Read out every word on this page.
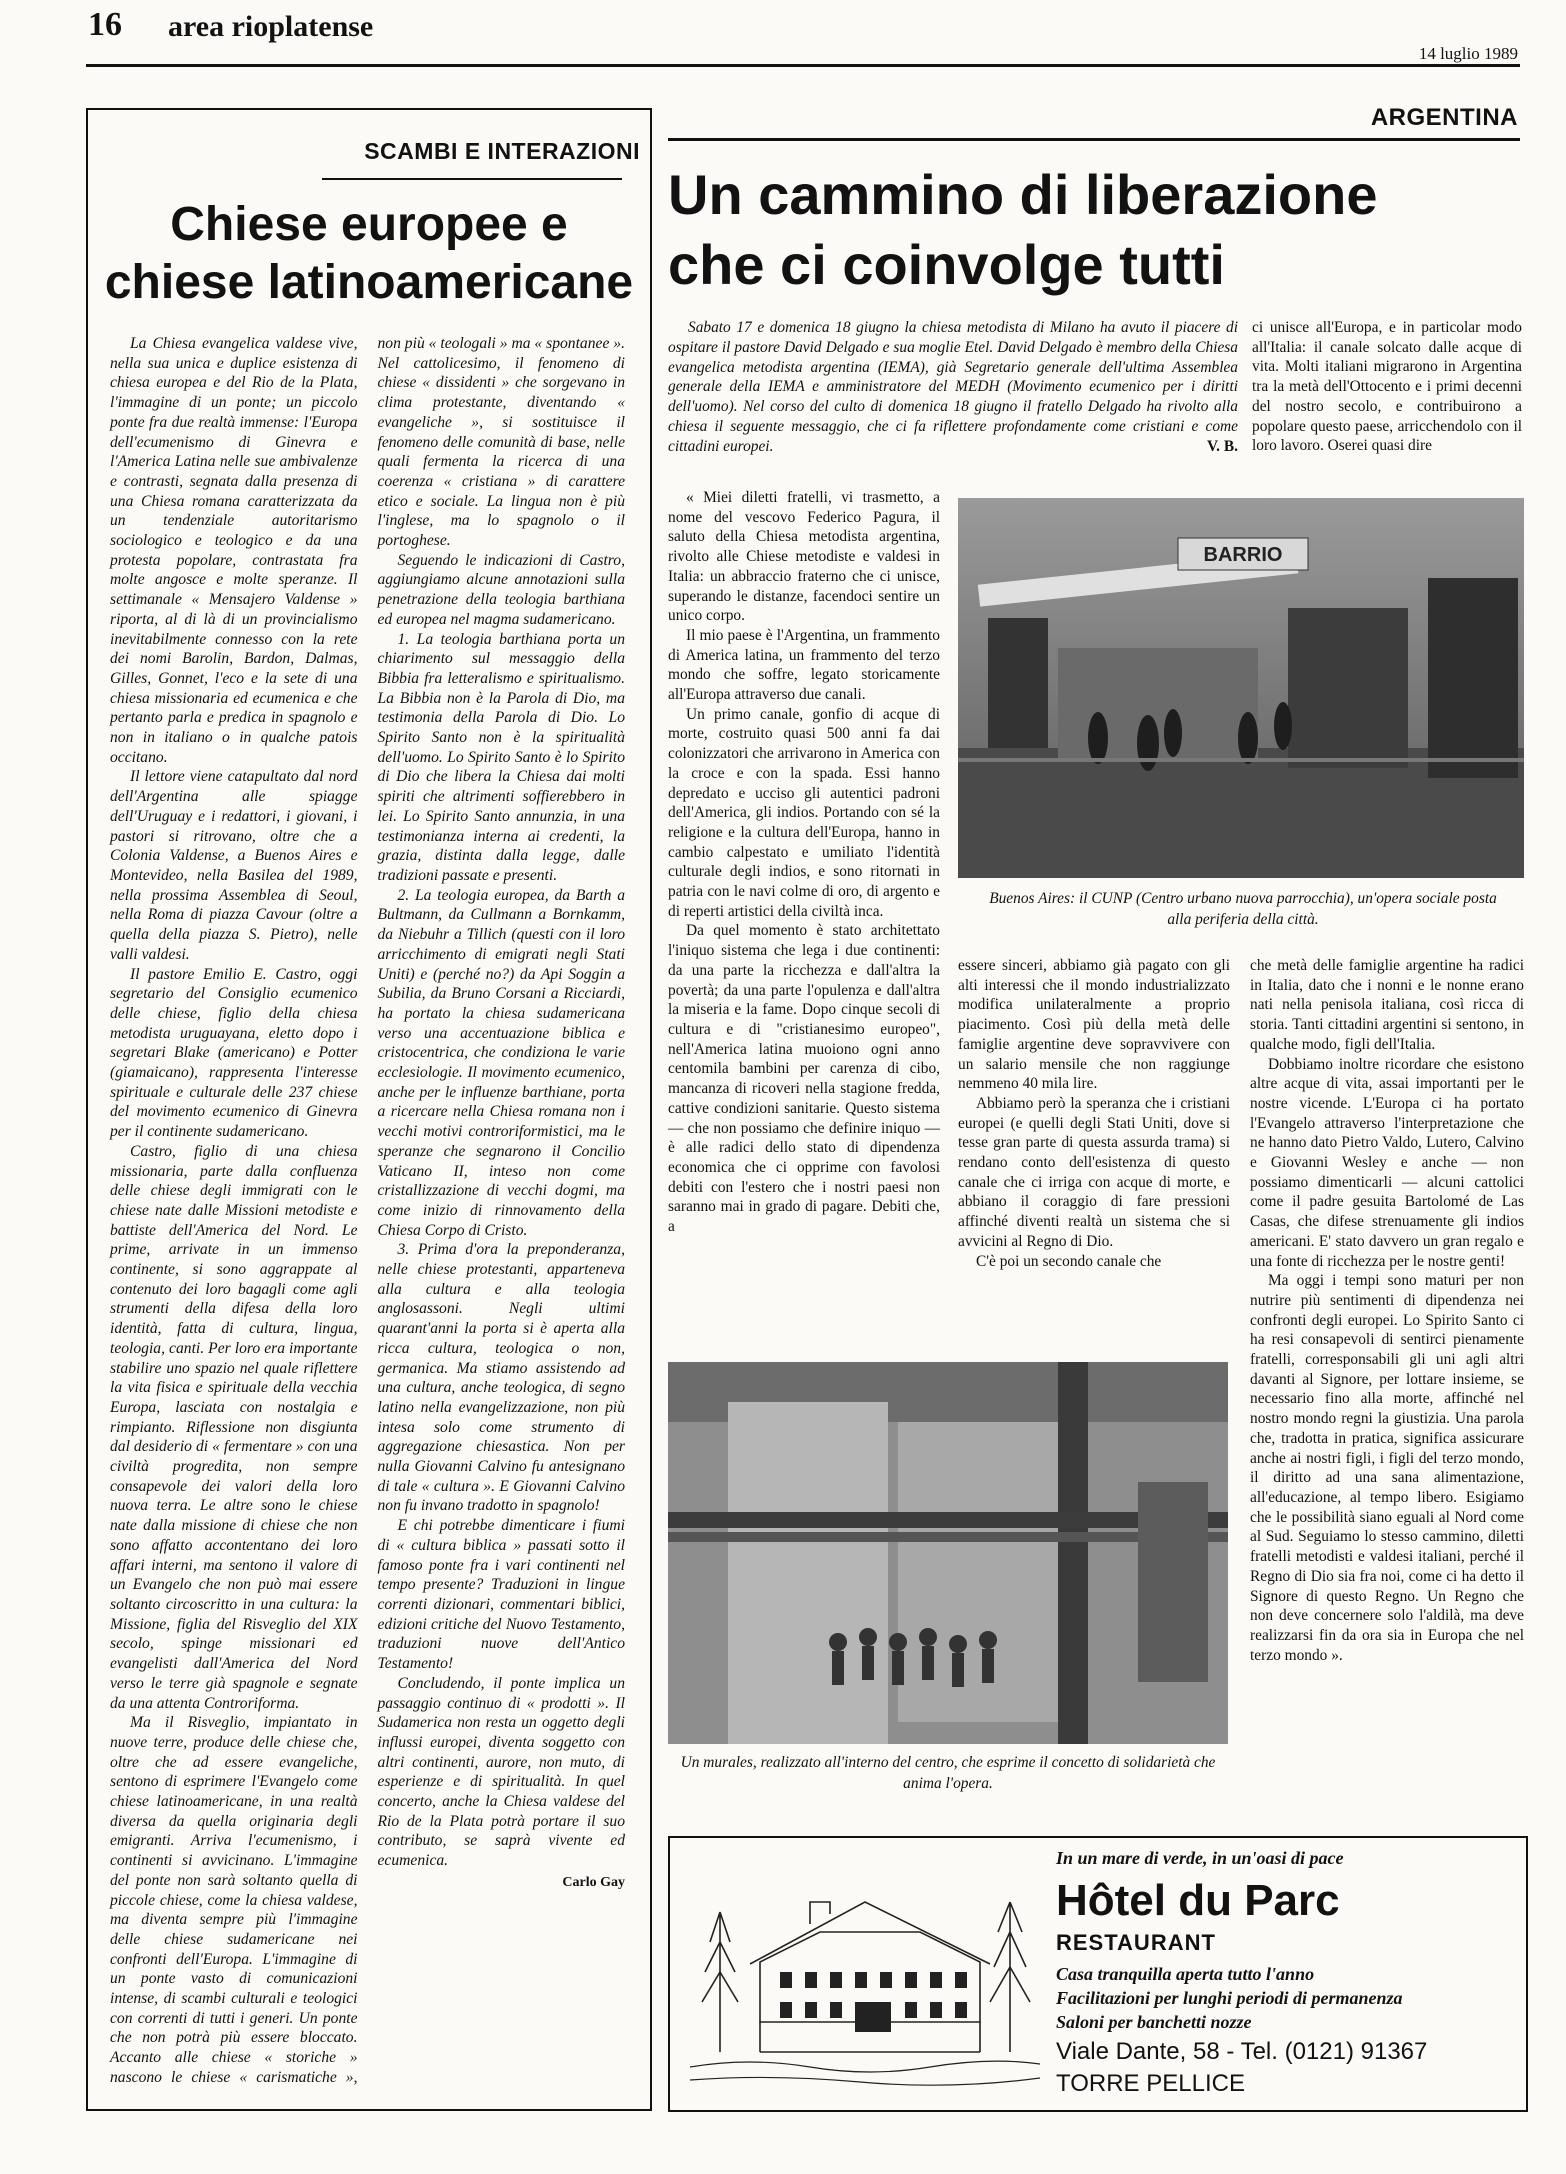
16 area rioplatense
14 luglio 1989
SCAMBI E INTERAZIONI
Chiese europee e chiese latinoamericane

La Chiesa evangelica valdese vive, nella sua unica e duplice esistenza di chiesa europea e del Rio de la Plata, l'immagine di un ponte; un piccolo ponte fra due realtà immense: l'Europa dell'ecumenismo di Ginevra e l'America Latina nelle sue ambivalenze e contrasti, segnata dalla presenza di una Chiesa romana caratterizzata da un tendenziale autoritarismo sociologico e teologico e da una protesta popolare, contrastata fra molte angosce e molte speranze. Il settimanale « Mensajero Valdense » riporta, al di là di un provincialismo inevitabilmente connesso con la rete dei nomi Barolin, Bardon, Dalmas, Gilles, Gonnet, l'eco e la sete di una chiesa missionaria ed ecumenica e che pertanto parla e predica in spagnolo e non in italiano o in qualche patois occitano.

Il lettore viene catapultato dal nord dell'Argentina alle spiagge dell'Uruguay e i redattori, i giovani, i pastori si ritrovano, oltre che a Colonia Valdense, a Buenos Aires e Montevideo, nella Basilea del 1989, nella prossima Assemblea di Seoul, nella Roma di piazza Cavour (oltre a quella della piazza S. Pietro), nelle valli valdesi.

Il pastore Emilio E. Castro, oggi segretario del Consiglio ecumenico delle chiese, figlio della chiesa metodista uruguayana, eletto dopo i segretari Blake (americano) e Potter (giamaicano), rappresenta l'interesse spirituale e culturale delle 237 chiese del movimento ecumenico di Ginevra per il continente sudamericano.

Castro, figlio di una chiesa missionaria, parte dalla confluenza delle chiese degli immigrati con le chiese nate dalle Missioni metodiste e battiste dell'America del Nord. Le prime, arrivate in un immenso continente, si sono aggrappate al contenuto dei loro bagagli come agli strumenti della difesa della loro identità, fatta di cultura, lingua, teologia, canti. Per loro era importante stabilire uno spazio nel quale riflettere la vita fisica e spirituale della vecchia Europa, lasciata con nostalgia e rimpianto. Riflessione non disgiunta dal desiderio di « fermentare » con una civiltà progredita, non sempre consapevole dei valori della loro nuova terra. Le altre sono le chiese nate dalla missione di chiese che non sono affatto accontentano dei loro affari interni, ma sentono il valore di un Evangelo che non può mai essere soltanto circoscritto in una cultura: la Missione, figlia del Risveglio del XIX secolo, spinge missionari ed evangelisti dall'America del Nord verso le terre già spagnole e segnate da una attenta Controriforma.

Ma il Risveglio, impiantato in nuove terre, produce delle chiese che, oltre che ad essere evangeliche, sentono di esprimere l'Evangelo come chiese latinoamericane, in una realtà diversa da quella originaria degli emigranti. Arriva l'ecumenismo, i continenti si avvicinano. L'immagine del ponte non sarà soltanto quella di piccole chiese, come la chiesa valdese, ma diventa sempre più l'immagine delle chiese sudamericane nei confronti dell'Europa. L'immagine di un ponte vasto di comunicazioni intense, di scambi culturali e teologici con correnti di tutti i generi. Un ponte che non potrà più essere bloccato. Accanto alle chiese « storiche » nascono le chiese « carismatiche », non più « teologali » ma « spontanee ». Nel cattolicesimo, il fenomeno di chiese « dissidenti » che sorgevano in clima protestante, diventando « evangeliche », si sostituisce il fenomeno delle comunità di base, nelle quali fermenta la ricerca di una coerenza « cristiana » di carattere etico e sociale. La lingua non è più l'inglese, ma lo spagnolo o il portoghese.

Seguendo le indicazioni di Castro, aggiungiamo alcune annotazioni sulla penetrazione della teologia barthiana ed europea nel magma sudamericano.

1. La teologia barthiana porta un chiarimento sul messaggio della Bibbia fra letteralismo e spiritualismo. La Bibbia non è la Parola di Dio, ma testimonia della Parola di Dio. Lo Spirito Santo non è la spiritualità dell'uomo. Lo Spirito Santo è lo Spirito di Dio che libera la Chiesa dai molti spiriti che altrimenti soffierebbero in lei. Lo Spirito Santo annunzia, in una testimonianza interna ai credenti, la grazia, distinta dalla legge, dalle tradizioni passate e presenti.

2. La teologia europea, da Barth a Bultmann, da Cullmann a Bornkamm, da Niebuhr a Tillich (questi con il loro arricchimento di emigrati negli Stati Uniti) e (perché no?) da Api Soggin a Subilia, da Bruno Corsani a Ricciardi, ha portato la chiesa sudamericana verso una accentuazione biblica e cristocentrica, che condiziona le varie ecclesiologie. Il movimento ecumenico, anche per le influenze barthiane, porta a ricercare nella Chiesa romana non i vecchi motivi controriformistici, ma le speranze che segnarono il Concilio Vaticano II, inteso non come cristallizzazione di vecchi dogmi, ma come inizio di rinnovamento della Chiesa Corpo di Cristo.

3. Prima d'ora la preponderanza, nelle chiese protestanti, apparteneva alla cultura e alla teologia anglosassoni. Negli ultimi quarant'anni la porta si è aperta alla ricca cultura, teologica o non, germanica. Ma stiamo assistendo ad una cultura, anche teologica, di segno latino nella evangelizzazione, non più intesa solo come strumento di aggregazione chiesastica. Non per nulla Giovanni Calvino fu antesignano di tale « cultura ». E Giovanni Calvino non fu invano tradotto in spagnolo!

E chi potrebbe dimenticare i fiumi di « cultura biblica » passati sotto il famoso ponte fra i vari continenti nel tempo presente? Traduzioni in lingue correnti dizionari, commentari biblici, edizioni critiche del Nuovo Testamento, traduzioni nuove dell'Antico Testamento!

Concludendo, il ponte implica un passaggio continuo di « prodotti ». Il Sudamerica non resta un oggetto degli influssi europei, diventa soggetto con altri continenti, aurore, non muto, di esperienze e di spiritualità. In quel concerto, anche la Chiesa valdese del Rio de la Plata potrà portare il suo contributo, se saprà vivente ed ecumenica.

Carlo Gay
ARGENTINA
Un cammino di liberazione
che ci coinvolge tutti

Sabato 17 e domenica 18 giugno la chiesa metodista di Milano ha avuto il piacere di ospitare il pastore David Delgado e sua moglie Etel. David Delgado è membro della Chiesa evangelica metodista argentina (IEMA), già Segretario generale dell'ultima Assemblea generale della IEMA e amministratore del MEDH (Movimento ecumenico per i diritti dell'uomo). Nel corso del culto di domenica 18 giugno il fratello Delgado ha rivolto alla chiesa il seguente messaggio, che ci fa riflettere profondamente come cristiani e come cittadini europei.	V. B.

ci unisce all'Europa, e in particolar modo all'Italia: il canale solcato dalle acque di vita. Molti italiani migrarono in Argentina tra la metà dell'Ottocento e i primi decenni del nostro secolo, e contribuirono a popolare questo paese, arricchendolo con il loro lavoro. Oserei quasi dire

« Miei diletti fratelli, vi trasmetto, a nome del vescovo Federico Pagura, il saluto della Chiesa metodista argentina, rivolto alle Chiese metodiste e valdesi in Italia: un abbraccio fraterno che ci unisce, superando le distanze, facendoci sentire un unico corpo.

Il mio paese è l'Argentina, un frammento di America latina, un frammento del terzo mondo che soffre, legato storicamente all'Europa attraverso due canali.

Un primo canale, gonfio di acque di morte, costruito quasi 500 anni fa dai colonizzatori che arrivarono in America con la croce e con la spada. Essi hanno depredato e ucciso gli autentici padroni dell'America, gli indios. Portando con sé la religione e la cultura dell'Europa, hanno in cambio calpestato e umiliato l'identità culturale degli indios, e sono ritornati in patria con le navi colme di oro, di argento e di reperti artistici della civiltà inca.

Da quel momento è stato architettato l'iniquo sistema che lega i due continenti: da una parte la ricchezza e dall'altra la povertà; da una parte l'opulenza e dall'altra la miseria e la fame. Dopo cinque secoli di cultura e di "cristianesimo europeo", nell'America latina muoiono ogni anno centomila bambini per carenza di cibo, mancanza di ricoveri nella stagione fredda, cattive condizioni sanitarie. Questo sistema — che non possiamo che definire iniquo — è alle radici dello stato di dipendenza economica che ci opprime con favolosi debiti con l'estero che i nostri paesi non saranno mai in grado di pagare. Debiti che, a

BARRIO
Buenos Aires: il CUNP (Centro urbano nuova parrocchia), un'opera sociale posta alla periferia della città.

essere sinceri, abbiamo già pagato con gli alti interessi che il mondo industrializzato modifica unilateralmente a proprio piacimento. Così più della metà delle famiglie argentine deve sopravvivere con un salario mensile che non raggiunge nemmeno 40 mila lire.

Abbiamo però la speranza che i cristiani europei (e quelli degli Stati Uniti, dove si tesse gran parte di questa assurda trama) si rendano conto dell'esistenza di questo canale che ci irriga con acque di morte, e abbiano il coraggio di fare pressioni affinché diventi realtà un sistema che si avvicini al Regno di Dio.

C'è poi un secondo canale che

che metà delle famiglie argentine ha radici in Italia, dato che i nonni e le nonne erano nati nella penisola italiana, così ricca di storia. Tanti cittadini argentini si sentono, in qualche modo, figli dell'Italia.

Dobbiamo inoltre ricordare che esistono altre acque di vita, assai importanti per le nostre vicende. L'Europa ci ha portato l'Evangelo attraverso l'interpretazione che ne hanno dato Pietro Valdo, Lutero, Calvino e Giovanni Wesley e anche — non possiamo dimenticarli — alcuni cattolici come il padre gesuita Bartolomé de Las Casas, che difese strenuamente gli indios americani. E' stato davvero un gran regalo e una fonte di ricchezza per le nostre genti!

Ma oggi i tempi sono maturi per non nutrire più sentimenti di dipendenza nei confronti degli europei. Lo Spirito Santo ci ha resi consapevoli di sentirci pienamente fratelli, corresponsabili gli uni agli altri davanti al Signore, per lottare insieme, se necessario fino alla morte, affinché nel nostro mondo regni la giustizia. Una parola che, tradotta in pratica, significa assicurare anche ai nostri figli, i figli del terzo mondo, il diritto ad una sana alimentazione, all'educazione, al tempo libero. Esigiamo che le possibilità siano eguali al Nord come al Sud. Seguiamo lo stesso cammino, diletti fratelli metodisti e valdesi italiani, perché il Regno di Dio sia fra noi, come ci ha detto il Signore di questo Regno. Un Regno che non deve concernere solo l'aldilà, ma deve realizzarsi fin da ora sia in Europa che nel terzo mondo ».

Un murales, realizzato all'interno del centro, che esprime il concetto di solidarietà che anima l'opera.
In un mare di verde, in un'oasi di pace
Hôtel du Parc
RESTAURANT
Casa tranquilla aperta tutto l'anno
Facilitazioni per lunghi periodi di permanenza
Saloni per banchetti nozze
Viale Dante, 58 - Tel. (0121) 91367
TORRE PELLICE
